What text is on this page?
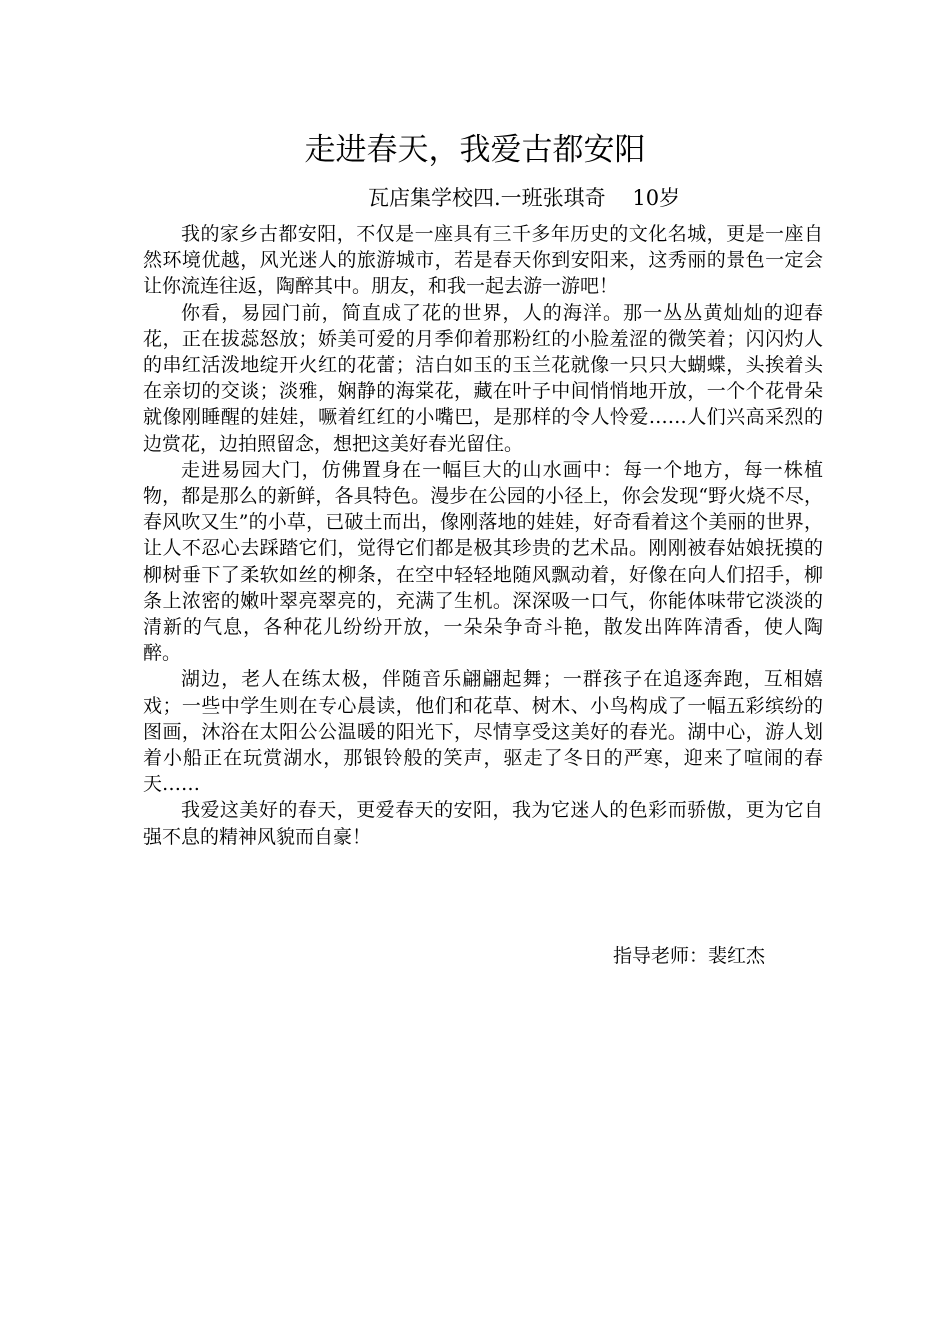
走进春天，我爱古都安阳
瓦店集学校四.一班张琪奇    10岁

我的家乡古都安阳，不仅是一座具有三千多年历史的文化名城，更是一座自然环境优越，风光迷人的旅游城市，若是春天你到安阳来，这秀丽的景色一定会让你流连往返，陶醉其中。朋友，和我一起去游一游吧！

你看，易园门前，简直成了花的世界，人的海洋。那一丛丛黄灿灿的迎春花，正在拔蕊怒放；娇美可爱的月季仰着那粉红的小脸羞涩的微笑着；闪闪灼人的串红活泼地绽开火红的花蕾；洁白如玉的玉兰花就像一只只大蝴蝶，头挨着头在亲切的交谈；淡雅，娴静的海棠花，藏在叶子中间悄悄地开放，一个个花骨朵就像刚睡醒的娃娃，噘着红红的小嘴巴，是那样的令人怜爱……人们兴高采烈的边赏花，边拍照留念，想把这美好春光留住。

走进易园大门，仿佛置身在一幅巨大的山水画中：每一个地方，每一株植物，都是那么的新鲜，各具特色。漫步在公园的小径上，你会发现“野火烧不尽，春风吹又生”的小草，已破土而出，像刚落地的娃娃，好奇看着这个美丽的世界，让人不忍心去踩踏它们，觉得它们都是极其珍贵的艺术品。刚刚被春姑娘抚摸的柳树垂下了柔软如丝的柳条，在空中轻轻地随风飘动着，好像在向人们招手，柳条上浓密的嫩叶翠亮翠亮的，充满了生机。深深吸一口气，你能体味带它淡淡的清新的气息，各种花儿纷纷开放，一朵朵争奇斗艳，散发出阵阵清香，使人陶醉。

湖边，老人在练太极，伴随音乐翩翩起舞；一群孩子在追逐奔跑，互相嬉戏；一些中学生则在专心晨读，他们和花草、树木、小鸟构成了一幅五彩缤纷的图画，沐浴在太阳公公温暖的阳光下，尽情享受这美好的春光。湖中心，游人划着小船正在玩赏湖水，那银铃般的笑声，驱走了冬日的严寒，迎来了喧闹的春天……

我爱这美好的春天，更爱春天的安阳，我为它迷人的色彩而骄傲，更为它自强不息的精神风貌而自豪！

指导老师：裴红杰
